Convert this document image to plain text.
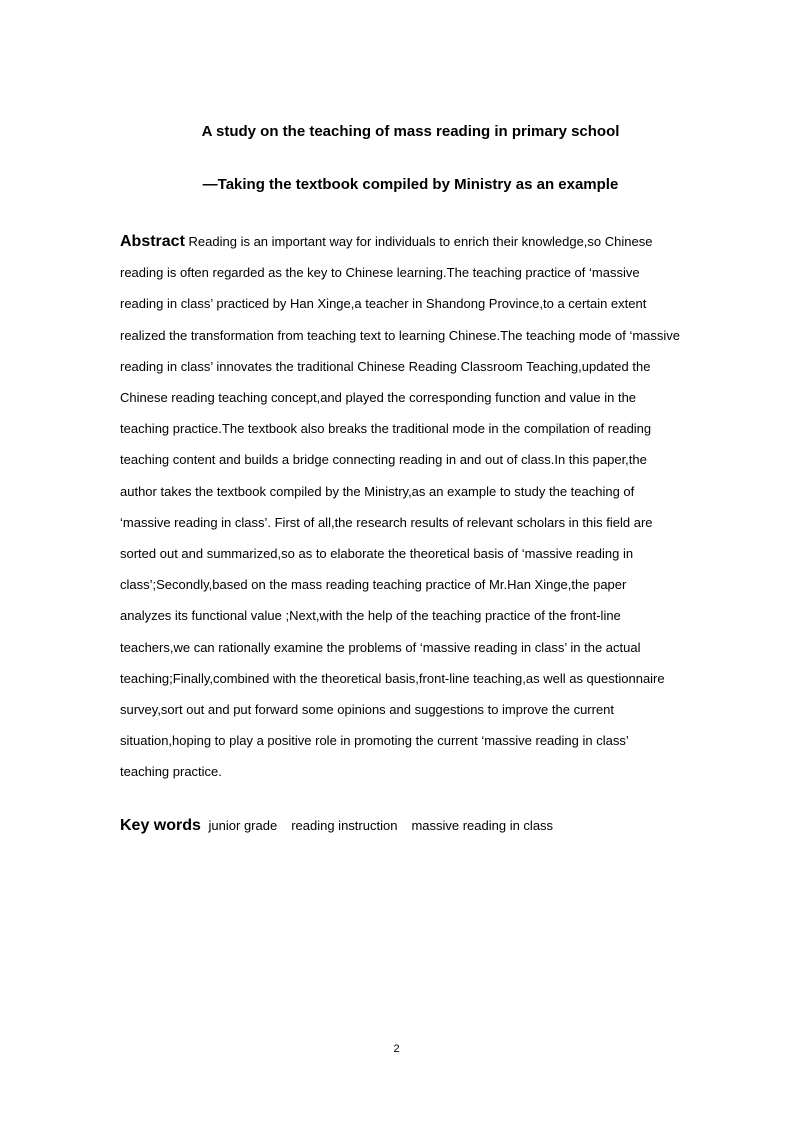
A study on the teaching of mass reading in primary school
—Taking the textbook compiled by Ministry as an example

Abstract Reading is an important way for individuals to enrich their knowledge,so Chinese reading is often regarded as the key to Chinese learning.The teaching practice of ‘massive reading in class’ practiced by Han Xinge,a teacher in Shandong Province,to a certain extent realized the transformation from teaching text to learning Chinese.The teaching mode of ‘massive reading in class’ innovates the traditional Chinese Reading Classroom Teaching,updated the Chinese reading teaching concept,and played the corresponding function and value in the teaching practice.The textbook also breaks the traditional mode in the compilation of reading teaching content and builds a bridge connecting reading in and out of class.In this paper,the author takes the textbook compiled by the Ministry,as an example to study the teaching of ‘massive reading in class’. First of all,the research results of relevant scholars in this field are sorted out and summarized,so as to elaborate the theoretical basis of ‘massive reading in class’;Secondly,based on the mass reading teaching practice of Mr.Han Xinge,the paper analyzes its functional value ;Next,with the help of the teaching practice of the front-line teachers,we can rationally examine the problems of ‘massive reading in class’ in the actual teaching;Finally,combined with the theoretical basis,front-line teaching,as well as questionnaire survey,sort out and put forward some opinions and suggestions to improve the current situation,hoping to play a positive role in promoting the current ‘massive reading in class’ teaching practice.

Key words junior grade reading instruction massive reading in class

2
